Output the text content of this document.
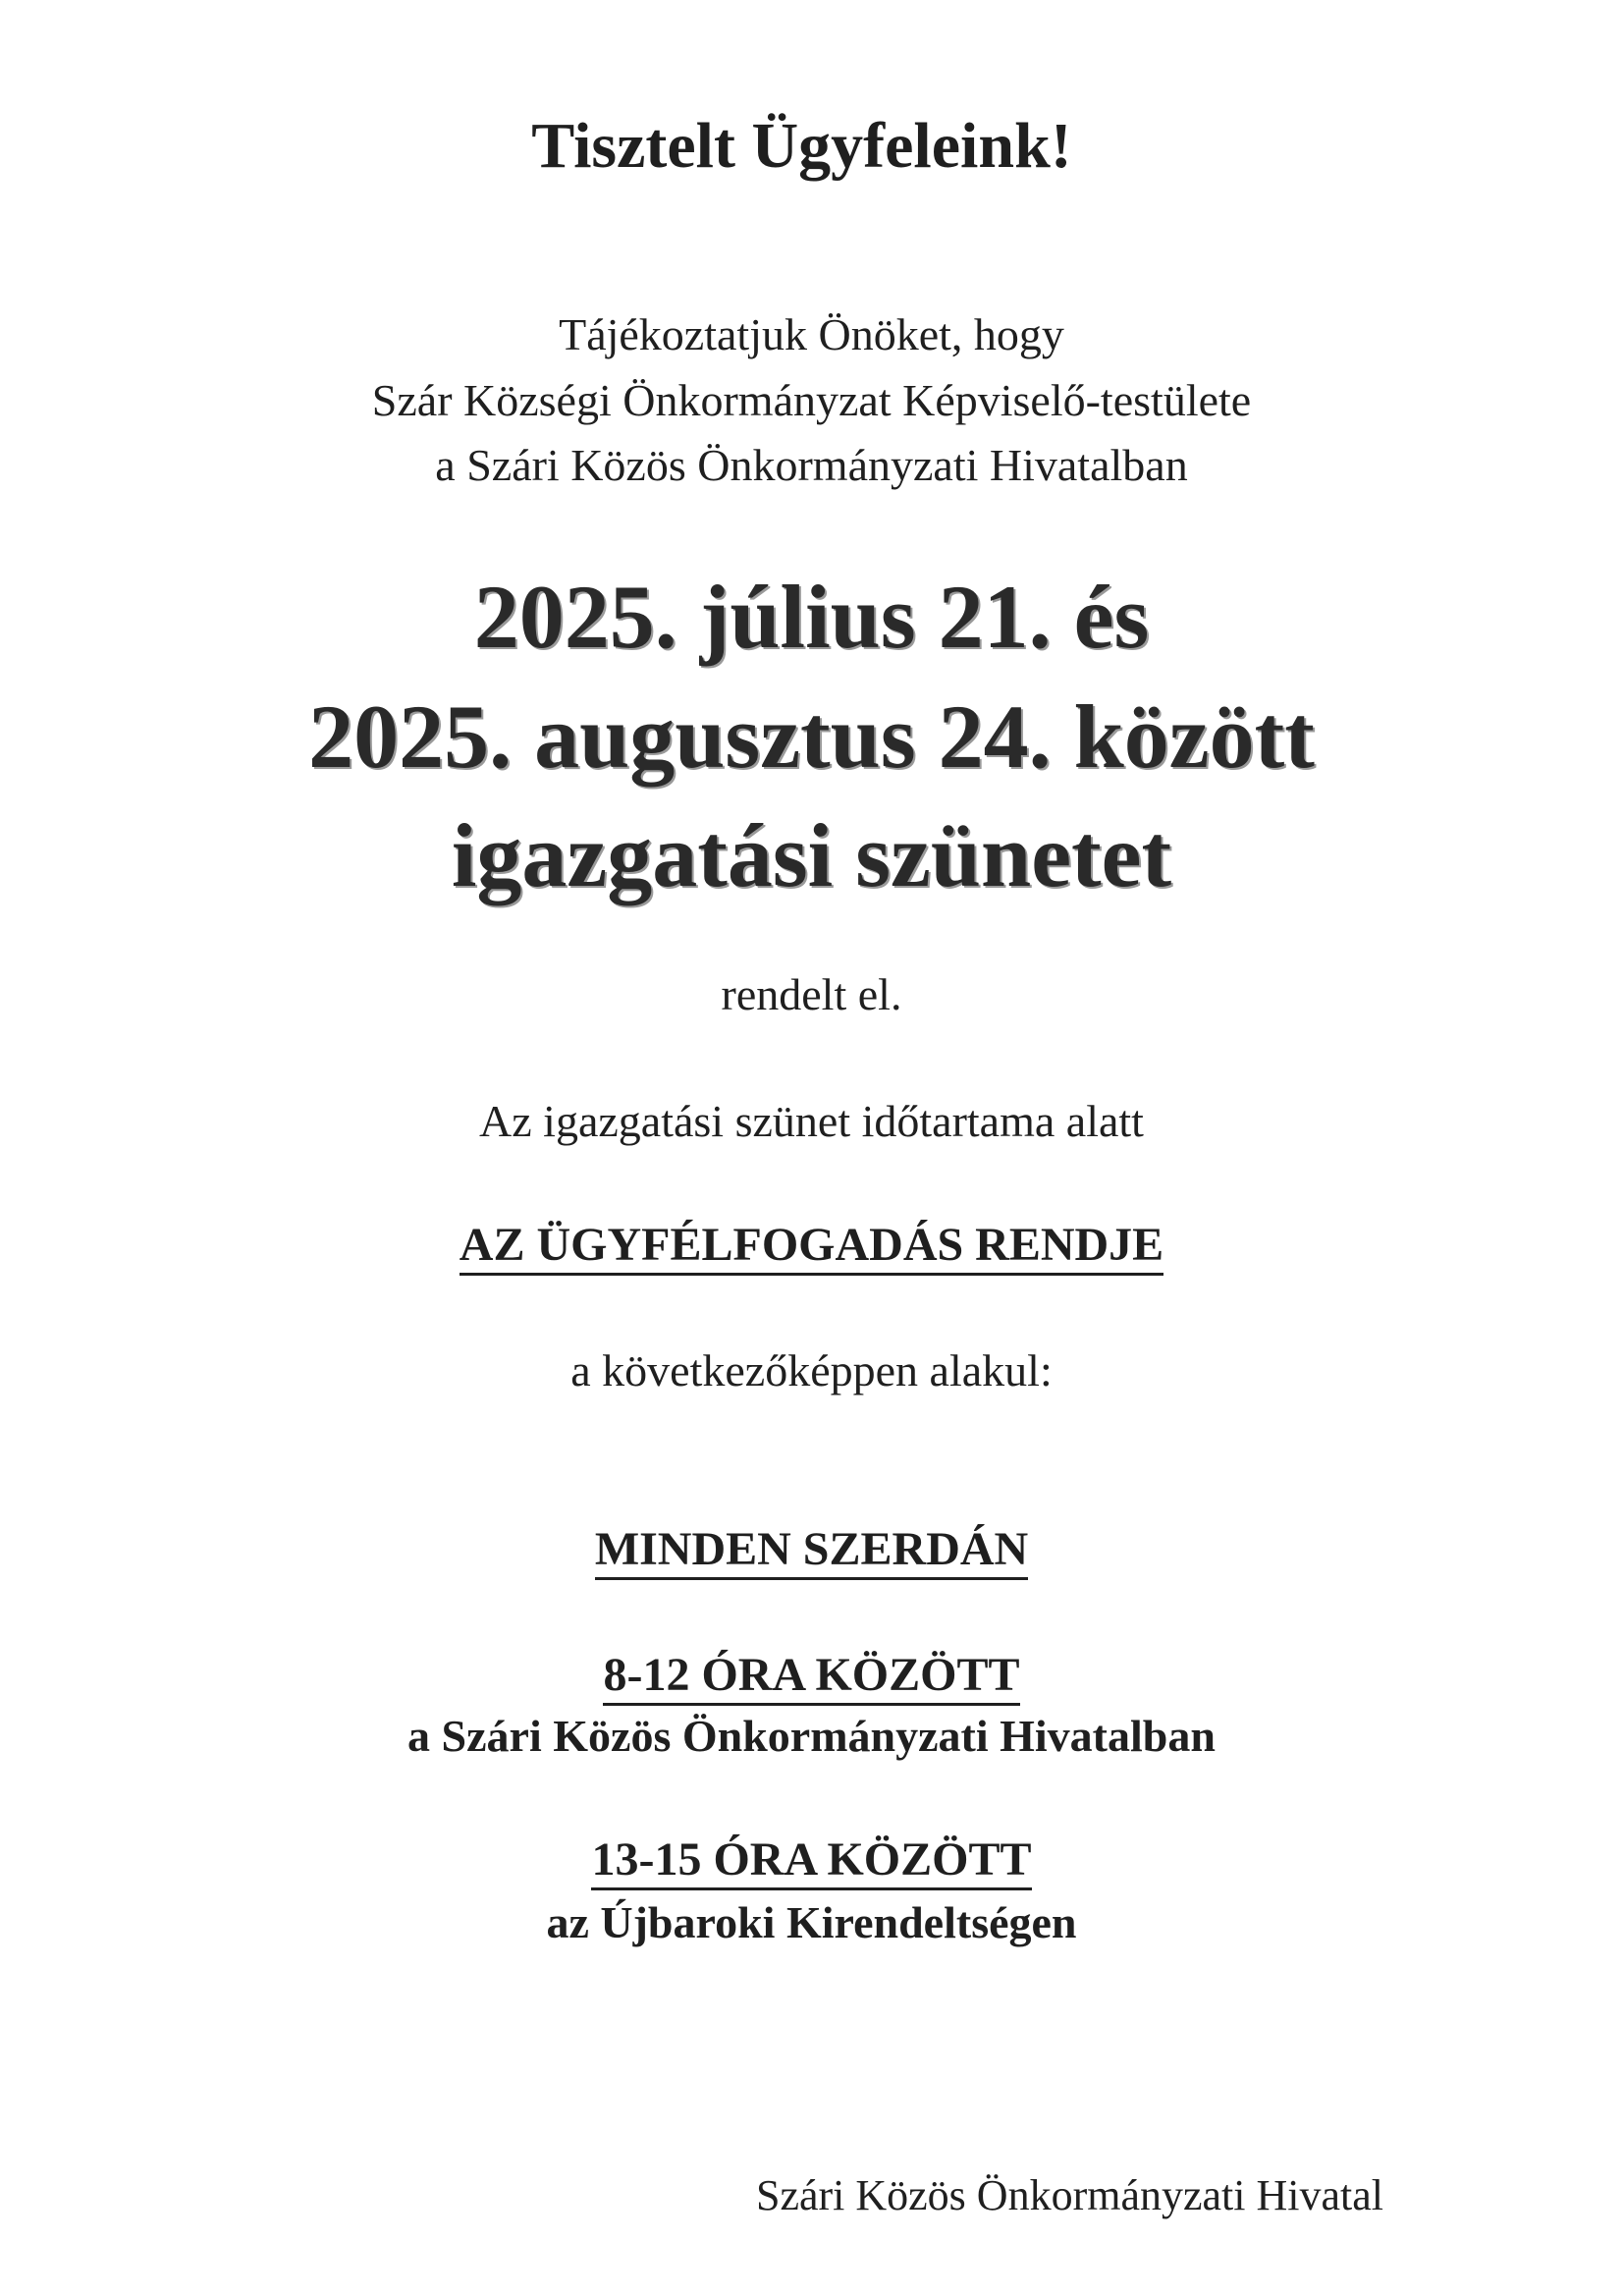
Tisztelt Ügyfeleink!

Tájékoztatjuk Önöket, hogy

Szár Községi Önkormányzat Képviselő-testülete

a Szári Közös Önkormányzati Hivatalban

2025. július 21. és

2025. augusztus 24. között

igazgatási szünetet

rendelt el.

Az igazgatási szünet időtartama alatt

AZ ÜGYFÉLFOGADÁS RENDJE

a következőképpen alakul:

MINDEN SZERDÁN

8-12 ÓRA KÖZÖTT

a Szári Közös Önkormányzati Hivatalban

13-15 ÓRA KÖZÖTT

az Újbaroki Kirendeltségen

Szári Közös Önkormányzati Hivatal
